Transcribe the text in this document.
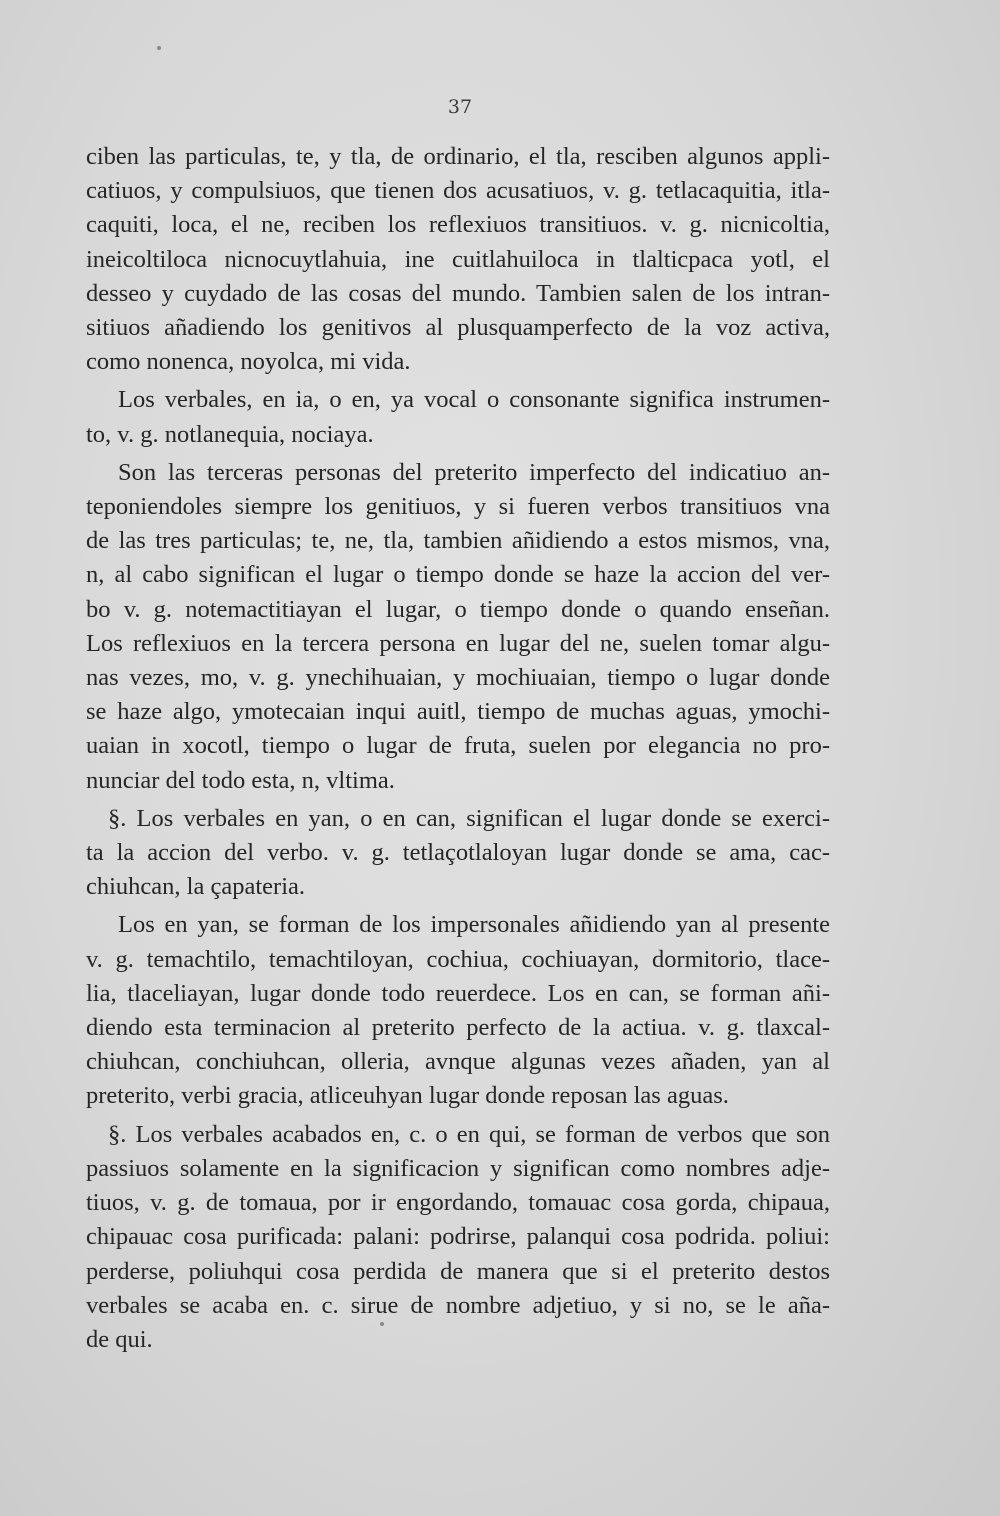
37
ciben las particulas, te, y tla, de ordinario, el tla, resciben algunos appli-
catiuos, y compulsiuos, que tienen dos acusatiuos, v. g. tetlacaquitia, itla-
caquiti, loca, el ne, reciben los reflexiuos transitiuos. v. g. nicnicoltia,
ineicoltiloca nicnocuytlahuia, ine cuitlahuiloca in tlalticpaca yotl, el
desseo y cuydado de las cosas del mundo. Tambien salen de los intran-
sitiuos añadiendo los genitivos al plusquamperfecto de la voz activa,
como nonenca, noyolca, mi vida.
Los verbales, en ia, o en, ya vocal o consonante significa instrumen-
to, v. g. notlanequia, nociaya.
Son las terceras personas del preterito imperfecto del indicatiuo an-
teponiendoles siempre los genitiuos, y si fueren verbos transitiuos vna
de las tres particulas; te, ne, tla, tambien añidiendo a estos mismos, vna,
n, al cabo significan el lugar o tiempo donde se haze la accion del ver-
bo v. g. notemactitiayan el lugar, o tiempo donde o quando enseñan.
Los reflexiuos en la tercera persona en lugar del ne, suelen tomar algu-
nas vezes, mo, v. g. ynechihuaian, y mochiuaian, tiempo o lugar donde
se haze algo, ymotecaian inqui auitl, tiempo de muchas aguas, ymochi-
uaian in xocotl, tiempo o lugar de fruta, suelen por elegancia no pro-
nunciar del todo esta, n, vltima.
§. Los verbales en yan, o en can, significan el lugar donde se exerci-
ta la accion del verbo. v. g. tetlaçotlaloyan lugar donde se ama, cac-
chiuhcan, la çapateria.
Los en yan, se forman de los impersonales añidiendo yan al presente
v. g. temachtilo, temachtiloyan, cochiua, cochiuayan, dormitorio, tlace-
lia, tlaceliayan, lugar donde todo reuerdece. Los en can, se forman añi-
diendo esta terminacion al preterito perfecto de la actiua. v. g. tlaxcal-
chiuhcan, conchiuhcan, olleria, avnque algunas vezes añaden, yan al
preterito, verbi gracia, atliceuhyan lugar donde reposan las aguas.
§. Los verbales acabados en, c. o en qui, se forman de verbos que son
passiuos solamente en la significacion y significan como nombres adje-
tiuos, v. g. de tomaua, por ir engordando, tomauac cosa gorda, chipaua,
chipauac cosa purificada: palani: podrirse, palanqui cosa podrida. poliui:
perderse, poliuhqui cosa perdida de manera que si el preterito destos
verbales se acaba en. c. sirue de nombre adjetiuo, y si no, se le aña-
de qui.
